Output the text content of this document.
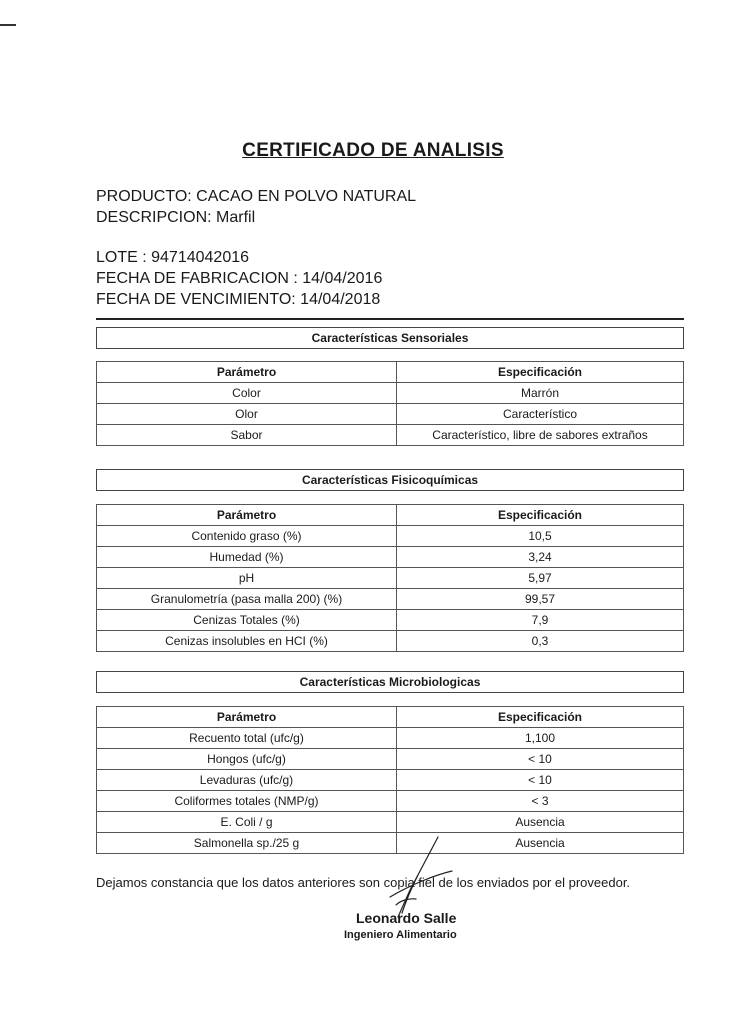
CERTIFICADO DE ANALISIS
PRODUCTO: CACAO EN POLVO NATURAL
DESCRIPCION: Marfil
LOTE : 94714042016
FECHA DE FABRICACION : 14/04/2016
FECHA DE VENCIMIENTO: 14/04/2018
Características Sensoriales
Parámetro	Especificación
Color	Marrón
Olor	Característico
Sabor	Característico, libre de sabores extraños
Características Fisicoquímicas
Parámetro	Especificación
Contenido graso (%)	10,5
Humedad (%)	3,24
pH	5,97
Granulometría (pasa malla 200) (%)	99,57
Cenizas Totales (%)	7,9
Cenizas insolubles en HCI (%)	0,3
Características Microbiologicas
Parámetro	Especificación
Recuento total (ufc/g)	1,100
Hongos (ufc/g)	< 10
Levaduras (ufc/g)	< 10
Coliformes totales (NMP/g)	< 3
E. Coli / g	Ausencia
Salmonella sp./25 g	Ausencia
Dejamos constancia que los datos anteriores son copia fiel de los enviados por el proveedor.
Leonardo Salle
Ingeniero Alimentario
